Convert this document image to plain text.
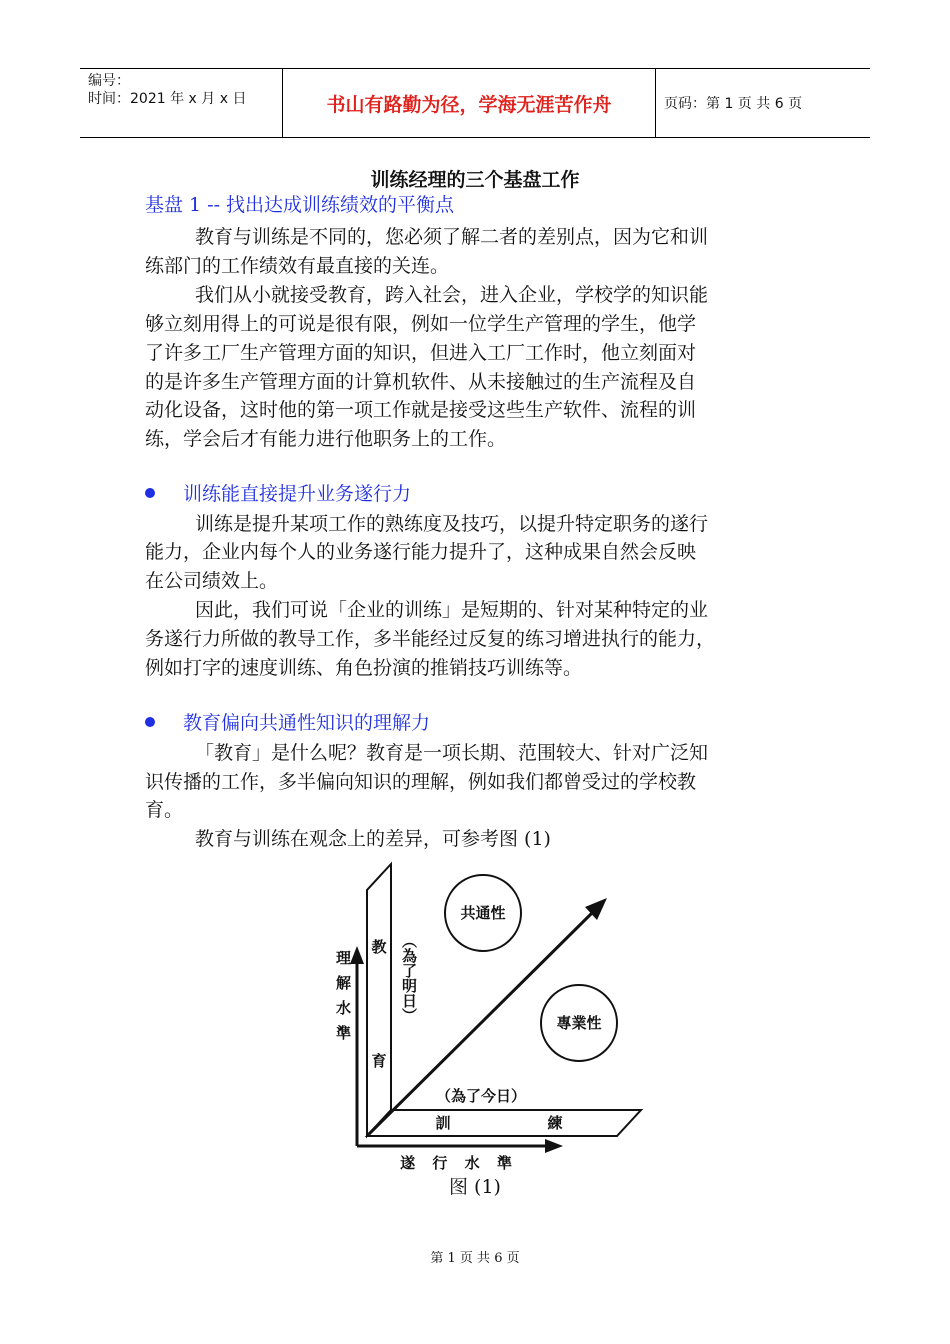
编号：
时间：2021 年 x 月 x 日	书山有路勤为径，学海无涯苦作舟	页码：第 1 页 共 6 页
训练经理的三个基盘工作
基盘 1 -- 找出达成训练绩效的平衡点
教育与训练是不同的，您必须了解二者的差别点，因为它和训
练部门的工作绩效有最直接的关连。
我们从小就接受教育，跨入社会，进入企业，学校学的知识能
够立刻用得上的可说是很有限，例如一位学生产管理的学生，他学
了许多工厂生产管理方面的知识，但进入工厂工作时，他立刻面对
的是许多生产管理方面的计算机软件、从未接触过的生产流程及自
动化设备，这时他的第一项工作就是接受这些生产软件、流程的训
练，学会后才有能力进行他职务上的工作。
训练能直接提升业务遂行力
训练是提升某项工作的熟练度及技巧，以提升特定职务的遂行
能力，企业内每个人的业务遂行能力提升了，这种成果自然会反映
在公司绩效上。
因此，我们可说「企业的训练」是短期的、针对某种特定的业
务遂行力所做的教导工作，多半能经过反复的练习增进执行的能力，
例如打字的速度训练、角色扮演的推销技巧训练等。
教育偏向共通性知识的理解力
「教育」是什么呢？教育是一项长期、范围较大、针对广泛知
识传播的工作，多半偏向知识的理解，例如我们都曾受过的学校教
育。
教育与训练在观念上的差异，可参考图 (1)
共通性
專業性
教
育
（為了明日）
（為了今日）
訓	練
理解水準
遂 行 水 準
图 (1)
第 1 页 共 6 页
